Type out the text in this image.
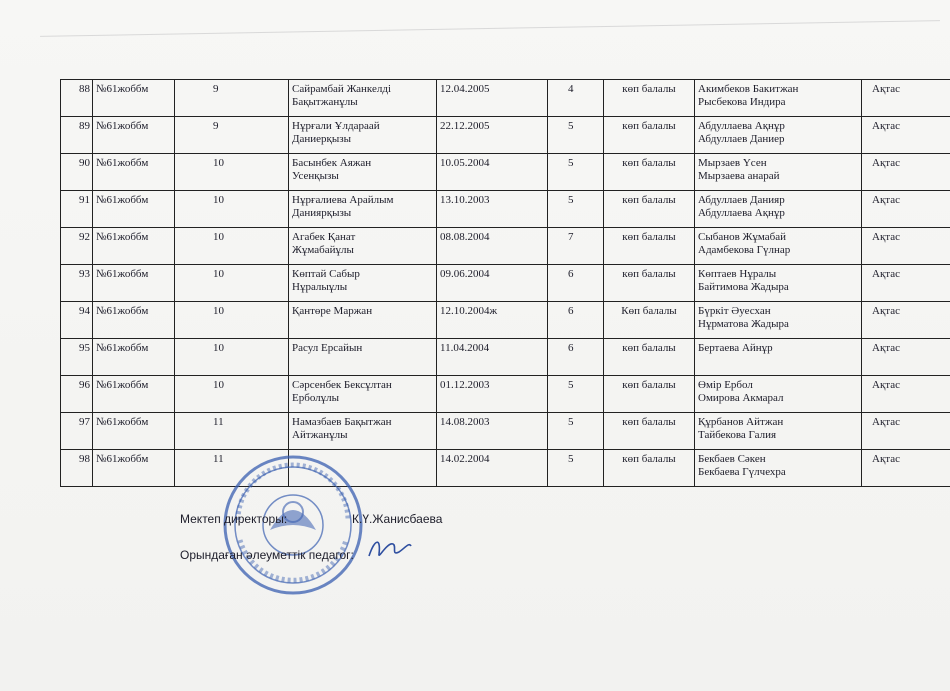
88	№61жоббм	9	Сайрамбай Жанкелді
Бақытжанұлы	12.04.2005	4	көп балалы	Акимбеков Бакитжан
Рысбекова Индира	Ақтас
89	№61жоббм	9	Нұрғали Ұлдараай
Даниерқызы	22.12.2005	5	көп балалы	Абдуллаева Ақнұр
Абдуллаев Даниер	Ақтас
90	№61жоббм	10	Басынбек Аяжан
Усенқызы	10.05.2004	5	көп балалы	Мырзаев Үсен
Мырзаева анарай	Ақтас
91	№61жоббм	10	Нұрғалиева Арайлым
Даниярқызы	13.10.2003	5	көп балалы	Абдуллаев Данияр
Абдуллаева Ақнұр	Ақтас
92	№61жоббм	10	Агабек Қанат
Жұмабайұлы	08.08.2004	7	көп балалы	Сыбанов Жұмабай
Адамбекова Гүлнар	Ақтас
93	№61жоббм	10	Көптай Сабыр
Нұралыұлы	09.06.2004	6	көп балалы	Көптаев Нұралы
Байтимова Жадыра	Ақтас
94	№61жоббм	10	Қантөре Маржан	12.10.2004ж	6	Көп балалы	Бүркіт Әуесхан
Нұрматова Жадыра	Ақтас
95	№61жоббм	10	Расул Ерсайын	11.04.2004	6	көп балалы	Бертаева Айнұр	Ақтас
96	№61жоббм	10	Сәрсенбек Бексұлтан
Ерболұлы	01.12.2003	5	көп балалы	Өмір Ербол
Омирова Акмарал	Ақтас
97	№61жоббм	11	Намазбаев Бақытжан
Айтжанұлы	14.08.2003	5	көп балалы	Құрбанов Айтжан
Тайбекова Галия	Ақтас
98	№61жоббм	11		14.02.2004	5	көп балалы	Бекбаев Сәкен
Бекбаева Гүлчехра	Ақтас
Мектеп директоры:	К.Ү.Жанисбаева
Орындаған әлеуметтік педагог:
